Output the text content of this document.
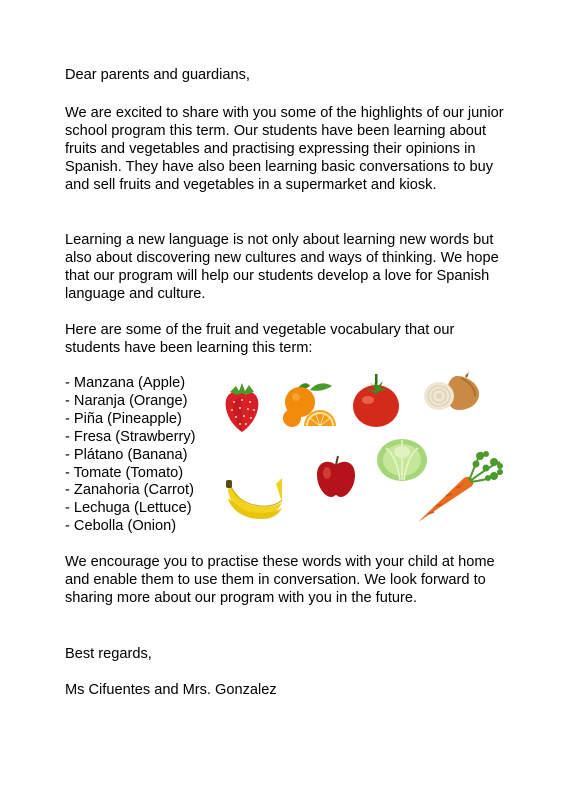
Dear parents and guardians,

We are excited to share with you some of the highlights of our junior school program this term. Our students have been learning about fruits and vegetables and practising expressing their opinions in Spanish. They have also been learning basic conversations to buy and sell fruits and vegetables in a supermarket and kiosk.

Learning a new language is not only about learning new words but also about discovering new cultures and ways of thinking. We hope that our program will help our students develop a love for Spanish language and culture.

Here are some of the fruit and vegetable vocabulary that our students have been learning this term:

- Manzana (Apple)
- Naranja (Orange)
- Piña (Pineapple)
- Fresa (Strawberry)
- Plátano (Banana)
- Tomate (Tomato)
- Zanahoria (Carrot)
- Lechuga (Lettuce)
- Cebolla (Onion)

We encourage you to practise these words with your child at home and enable them to use them in conversation. We look forward to sharing more about our program with you in the future.

Best regards,

Ms Cifuentes and Mrs. Gonzalez
